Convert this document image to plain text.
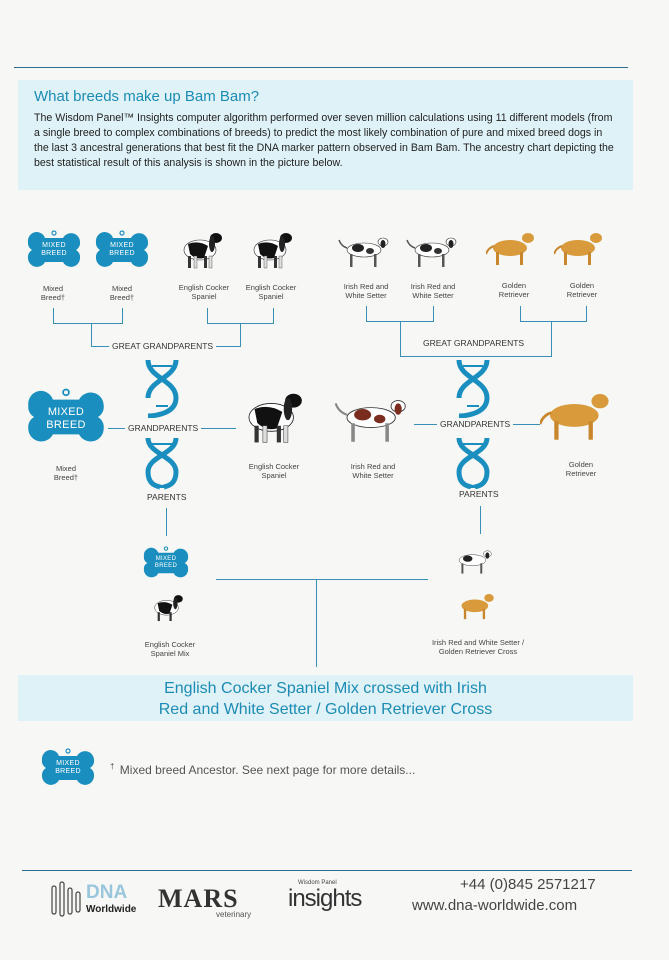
What breeds make up Bam Bam?

The Wisdom Panel™ Insights computer algorithm performed over seven million calculations using 11 different models (from a single breed to complex combinations of breeds) to predict the most likely combination of pure and mixed breed dogs in the last 3 ancestral generations that best fit the DNA marker pattern observed in Bam Bam. The ancestry chart depicting the best statistical result of this analysis is shown in the picture below.

MIXED
BREED
MIXED
BREED
Mixed Breed†
Mixed Breed†
English Cocker Spaniel
English Cocker Spaniel
Irish Red and White Setter
Irish Red and White Setter
Golden Retriever
Golden Retriever
GREAT GRANDPARENTS	GREAT GRANDPARENTS
MIXED
BREED	GRANDPARENTS	GRANDPARENTS
Mixed Breed†
English Cocker Spaniel
Irish Red and White Setter
Golden Retriever
PARENTS	PARENTS
MIXED
BREED
English Cocker Spaniel Mix
Irish Red and White Setter / Golden Retriever Cross
English Cocker Spaniel Mix crossed with Irish
Red and White Setter / Golden Retriever Cross
MIXED
BREED
† Mixed breed Ancestor. See next page for more details...
DNA
Worldwide MARS
veterinary
Wisdom Panel
insights
+44 (0)845 2571217
www.dna-worldwide.com
